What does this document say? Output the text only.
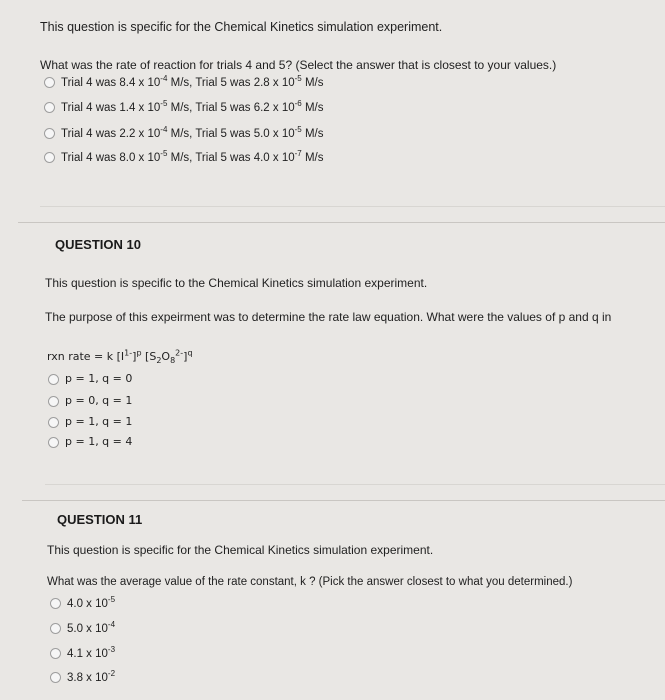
This question is specific for the Chemical Kinetics simulation experiment.
What was the rate of reaction for trials 4 and 5? (Select the answer that is closest to your values.)
Trial 4 was 8.4 x $10^{-4}$ M/s, Trial 5 was 2.8 x $10^{-5}$ M/s
Trial 4 was 1.4 x $10^{-5}$ M/s, Trial 5 was 6.2 x $10^{-6}$ M/s
Trial 4 was 2.2 x $10^{-4}$ M/s, Trial 5 was 5.0 x $10^{-5}$ M/s
Trial 4 was 8.0 x $10^{-5}$ M/s, Trial 5 was 4.0 x $10^{-7}$ M/s
QUESTION 10
This question is specific to the Chemical Kinetics simulation experiment.
The purpose of this expeirment was to determine the rate law equation. What were the values of p and q in
rxn rate = k $[I^{1-}]^p$ $[S_2O_8^{2-}]^q$
p = 1, q = 0
p = 0, q = 1
p = 1, q = 1
p = 1, q = 4
QUESTION 11
This question is specific for the Chemical Kinetics simulation experiment.
What was the average value of the rate constant, k ? (Pick the answer closest to what you determined.)
4.0 x $10^{-5}$
5.0 x $10^{-4}$
4.1 x $10^{-3}$
3.8 x $10^{-2}$
